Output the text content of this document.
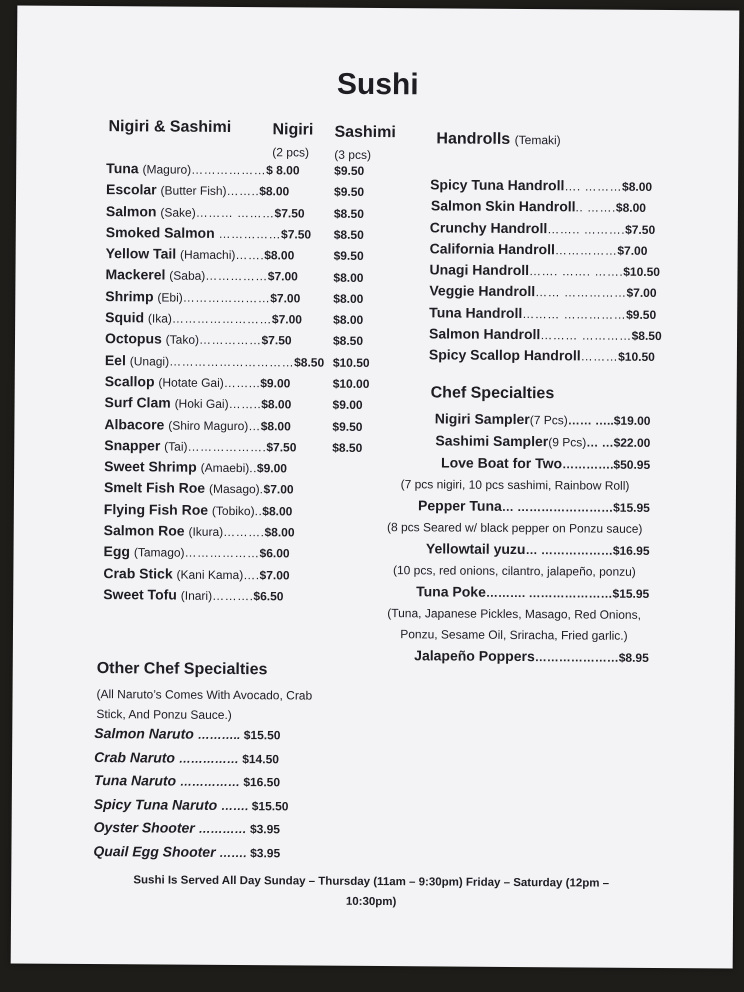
Sushi
Nigiri & Sashimi	Nigiri
(2 pcs)
Sashimi
(3 pcs)
Tuna (Maguro)………………$ 8.00	$9.50
Escolar (Butter Fish)……..$8.00	$9.50
Salmon (Sake)……… ………$7.50	$8.50
Smoked Salmon ……………$7.50	$8.50
Yellow Tail (Hamachi)…….$8.00	$9.50
Mackerel (Saba)……………$7.00	$8.00
Shrimp (Ebi)…………………$7.00	$8.00
Squid (Ika)……………………$7.00	$8.00
Octopus (Tako)……………$7.50	$8.50
Eel (Unagi)…………………………$8.50 $10.50
Scallop (Hotate Gai)……...$9.00	$10.00
Surf Clam (Hoki Gai)……..$8.00	$9.00
Albacore (Shiro Maguro)…$8.00	$9.50
Snapper (Tai)……………….$7.50	$8.50
Sweet Shrimp (Amaebi)..$9.00
Smelt Fish Roe (Masago).$7.00
Flying Fish Roe (Tobiko)..$8.00
Salmon Roe (Ikura)……….$8.00
Egg (Tamago)………………$6.00
Crab Stick (Kani Kama)….$7.00
Sweet Tofu (Inari)……….$6.50
Handrolls (Temaki)
Spicy Tuna Handroll…. ………$8.00
Salmon Skin Handroll.. …….$8.00
Crunchy Handroll…….. ……….$7.50
California Handroll……………$7.00
Unagi Handroll……. ……. …….$10.50
Veggie Handroll…… ……………$7.00
Tuna Handroll……… ……………$9.50
Salmon Handroll……… …………$8.50
Spicy Scallop Handroll………$10.50
Chef Specialties
Nigiri Sampler(7 Pcs)…… …..$19.00
Sashimi Sampler(9 Pcs)… …$22.00
Love Boat for Two………….$50.95
(7 pcs nigiri, 10 pcs sashimi, Rainbow Roll)
Pepper Tuna… ……………………$15.95
(8 pcs Seared w/ black pepper on Ponzu sauce)
Yellowtail yuzu… ………………$16.95
(10 pcs, red onions, cilantro, jalapeño, ponzu)
Tuna Poke………. …………………$15.95
(Tuna, Japanese Pickles, Masago, Red Onions, Ponzu, Sesame Oil, Sriracha, Fried garlic.)
Jalapeño Poppers…………………$8.95
Other Chef Specialties
(All Naruto’s Comes With Avocado, Crab Stick, And Ponzu Sauce.)
Salmon Naruto ……….. $15.50
Crab Naruto …………… $14.50
Tuna Naruto …………… $16.50
Spicy Tuna Naruto ……. $15.50
Oyster Shooter ………… $3.95
Quail Egg Shooter ……. $3.95
Sushi Is Served All Day Sunday – Thursday (11am – 9:30pm) Friday – Saturday (12pm – 10:30pm)
